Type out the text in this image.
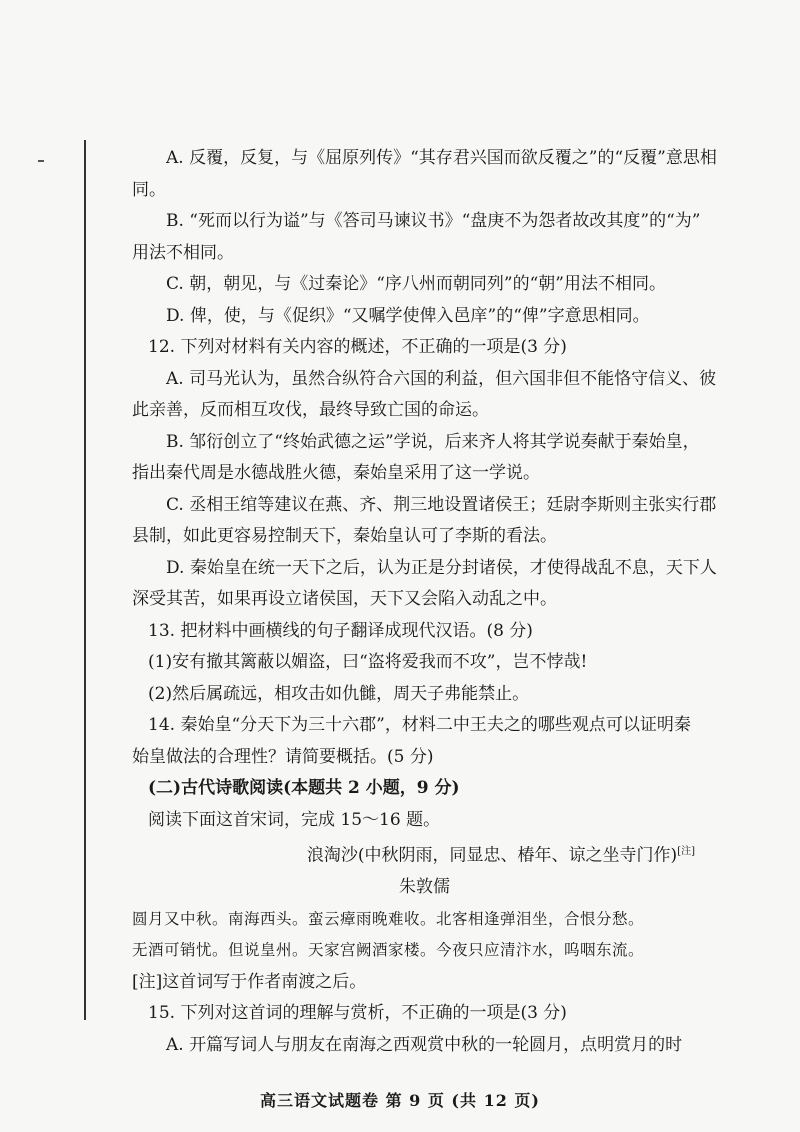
A. 反覆，反复，与《屈原列传》“其存君兴国而欲反覆之”的“反覆”意思相

同。

B. “死而以行为谥”与《答司马谏议书》“盘庚不为怨者故改其度”的“为”

用法不相同。

C. 朝，朝见，与《过秦论》“序八州而朝同列”的“朝”用法不相同。

D. 俾，使，与《促织》“又嘱学使俾入邑庠”的“俾”字意思相同。

12. 下列对材料有关内容的概述，不正确的一项是(3 分)

A. 司马光认为，虽然合纵符合六国的利益，但六国非但不能恪守信义、彼

此亲善，反而相互攻伐，最终导致亡国的命运。

B. 邹衍创立了“终始武德之运”学说，后来齐人将其学说奏献于秦始皇，

指出秦代周是水德战胜火德，秦始皇采用了这一学说。

C. 丞相王绾等建议在燕、齐、荆三地设置诸侯王；廷尉李斯则主张实行郡

县制，如此更容易控制天下，秦始皇认可了李斯的看法。

D. 秦始皇在统一天下之后，认为正是分封诸侯，才使得战乱不息，天下人

深受其苦，如果再设立诸侯国，天下又会陷入动乱之中。

13. 把材料中画横线的句子翻译成现代汉语。(8 分)

(1)安有撤其篱蔽以媚盗，曰“盗将爱我而不攻”，岂不悖哉!

(2)然后属疏远，相攻击如仇雠，周天子弗能禁止。

14. 秦始皇“分天下为三十六郡”，材料二中王夫之的哪些观点可以证明秦

始皇做法的合理性？请简要概括。(5 分)

(二)古代诗歌阅读(本题共 2 小题，9 分)

阅读下面这首宋词，完成 15～16 题。

浪淘沙(中秋阴雨，同显忠、椿年、谅之坐寺门作)[注]

朱敦儒

圆月又中秋。南海西头。蛮云瘴雨晚难收。北客相逢弹泪坐，合恨分愁。

无酒可销忧。但说皇州。天家宫阙酒家楼。今夜只应清汴水，呜咽东流。

[注]这首词写于作者南渡之后。

15. 下列对这首词的理解与赏析，不正确的一项是(3 分)

A. 开篇写词人与朋友在南海之西观赏中秋的一轮圆月，点明赏月的时

高三语文试题卷 第 9 页 (共 12 页)
